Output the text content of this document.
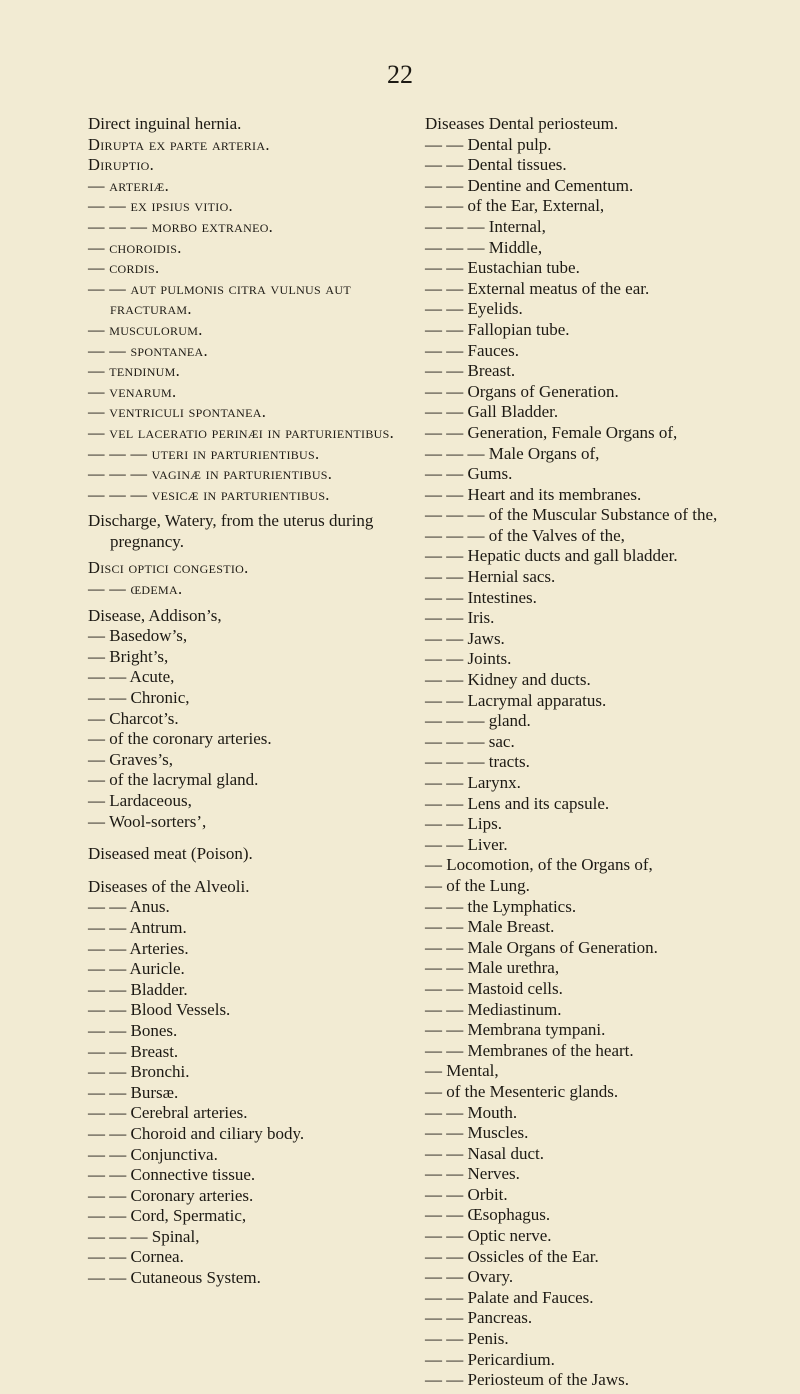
22

Direct inguinal hernia.

Dirupta ex parte arteria.

Diruptio.

— arteriæ.

— — ex ipsius vitio.

— — — morbo extraneo.

— choroidis.

— cordis.

— — aut pulmonis citra vulnus aut fracturam.

— musculorum.

— — spontanea.

— tendinum.

— venarum.

— ventriculi spontanea.

— vel laceratio perinæi in parturientibus.

— — — uteri in parturientibus.

— — — vaginæ in parturientibus.

— — — vesicæ in parturientibus.

Discharge, Watery, from the uterus during pregnancy.

Disci optici congestio.

— — œdema.

Disease, Addison’s,

— Basedow’s,

— Bright’s,

— — Acute,

— — Chronic,

— Charcot’s.

— of the coronary arteries.

— Graves’s,

— of the lacrymal gland.

— Lardaceous,

— Wool-sorters’,

Diseased meat (Poison).

Diseases of the Alveoli.

— — Anus.

— — Antrum.

— — Arteries.

— — Auricle.

— — Bladder.

— — Blood Vessels.

— — Bones.

— — Breast.

— — Bronchi.

— — Bursæ.

— — Cerebral arteries.

— — Choroid and ciliary body.

— — Conjunctiva.

— — Connective tissue.

— — Coronary arteries.

— — Cord, Spermatic,

— — — Spinal,

— — Cornea.

— — Cutaneous System.

Diseases Dental periosteum.

— — Dental pulp.

— — Dental tissues.

— — Dentine and Cementum.

— — of the Ear, External,

— — — Internal,

— — — Middle,

— — Eustachian tube.

— — External meatus of the ear.

— — Eyelids.

— — Fallopian tube.

— — Fauces.

— — Breast.

— — Organs of Generation.

— — Gall Bladder.

— — Generation, Female Organs of,

— — — Male Organs of,

— — Gums.

— — Heart and its membranes.

— — — of the Muscular Substance of the,

— — — of the Valves of the,

— — Hepatic ducts and gall bladder.

— — Hernial sacs.

— — Intestines.

— — Iris.

— — Jaws.

— — Joints.

— — Kidney and ducts.

— — Lacrymal apparatus.

— — — gland.

— — — sac.

— — — tracts.

— — Larynx.

— — Lens and its capsule.

— — Lips.

— — Liver.

— Locomotion, of the Organs of,

— of the Lung.

— — the Lymphatics.

— — Male Breast.

— — Male Organs of Generation.

— — Male urethra,

— — Mastoid cells.

— — Mediastinum.

— — Membrana tympani.

— — Membranes of the heart.

— Mental,

— of the Mesenteric glands.

— — Mouth.

— — Muscles.

— — Nasal duct.

— — Nerves.

— — Orbit.

— — Œsophagus.

— — Optic nerve.

— — Ossicles of the Ear.

— — Ovary.

— — Palate and Fauces.

— — Pancreas.

— — Penis.

— — Pericardium.

— — Periosteum of the Jaws.
